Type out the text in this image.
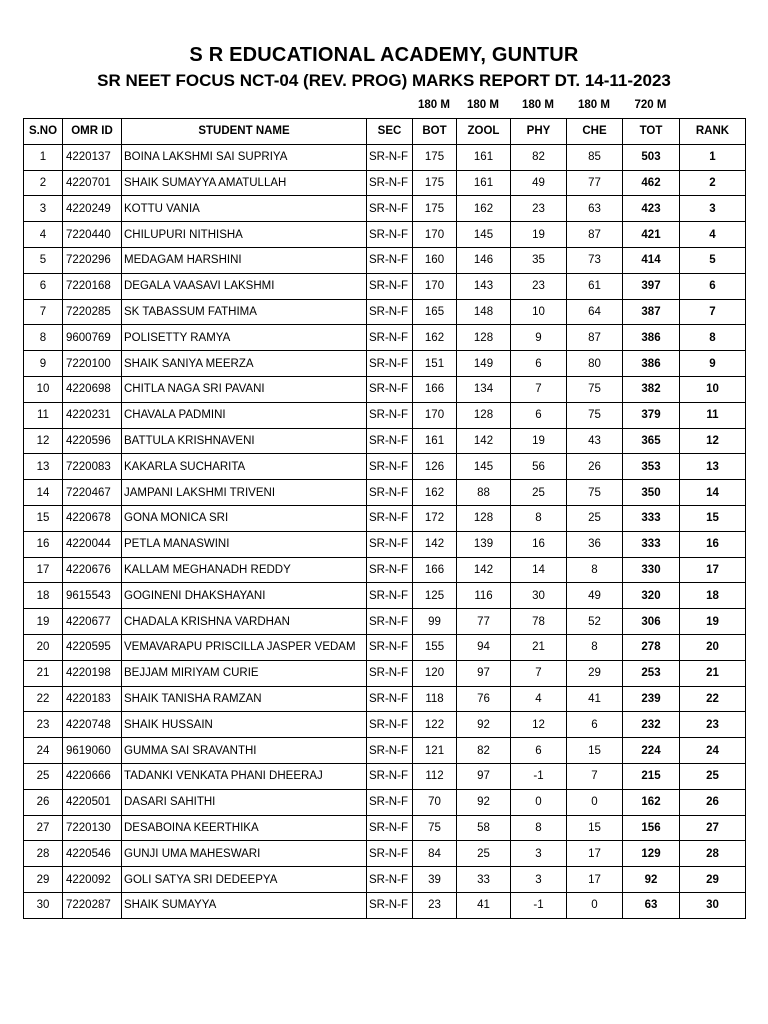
S R EDUCATIONAL ACADEMY, GUNTUR
SR NEET FOCUS NCT-04 (REV. PROG) MARKS REPORT DT. 14-11-2023
180 M	180 M	180 M	180 M	720 M
S.NO	OMR ID	STUDENT NAME	SEC	BOT	ZOOL	PHY	CHE	TOT	RANK
1	4220137	BOINA LAKSHMI SAI SUPRIYA	SR-N-F	175	161	82	85	503	1
2	4220701	SHAIK SUMAYYA AMATULLAH	SR-N-F	175	161	49	77	462	2
3	4220249	KOTTU VANIA	SR-N-F	175	162	23	63	423	3
4	7220440	CHILUPURI NITHISHA	SR-N-F	170	145	19	87	421	4
5	7220296	MEDAGAM HARSHINI	SR-N-F	160	146	35	73	414	5
6	7220168	DEGALA VAASAVI LAKSHMI	SR-N-F	170	143	23	61	397	6
7	7220285	SK TABASSUM FATHIMA	SR-N-F	165	148	10	64	387	7
8	9600769	POLISETTY RAMYA	SR-N-F	162	128	9	87	386	8
9	7220100	SHAIK SANIYA MEERZA	SR-N-F	151	149	6	80	386	9
10	4220698	CHITLA NAGA SRI PAVANI	SR-N-F	166	134	7	75	382	10
11	4220231	CHAVALA PADMINI	SR-N-F	170	128	6	75	379	11
12	4220596	BATTULA KRISHNAVENI	SR-N-F	161	142	19	43	365	12
13	7220083	KAKARLA SUCHARITA	SR-N-F	126	145	56	26	353	13
14	7220467	JAMPANI LAKSHMI TRIVENI	SR-N-F	162	88	25	75	350	14
15	4220678	GONA MONICA SRI	SR-N-F	172	128	8	25	333	15
16	4220044	PETLA MANASWINI	SR-N-F	142	139	16	36	333	16
17	4220676	KALLAM MEGHANADH REDDY	SR-N-F	166	142	14	8	330	17
18	9615543	GOGINENI DHAKSHAYANI	SR-N-F	125	116	30	49	320	18
19	4220677	CHADALA KRISHNA VARDHAN	SR-N-F	99	77	78	52	306	19
20	4220595	VEMAVARAPU PRISCILLA JASPER VEDAM	SR-N-F	155	94	21	8	278	20
21	4220198	BEJJAM MIRIYAM CURIE	SR-N-F	120	97	7	29	253	21
22	4220183	SHAIK TANISHA RAMZAN	SR-N-F	118	76	4	41	239	22
23	4220748	SHAIK HUSSAIN	SR-N-F	122	92	12	6	232	23
24	9619060	GUMMA SAI SRAVANTHI	SR-N-F	121	82	6	15	224	24
25	4220666	TADANKI VENKATA PHANI DHEERAJ	SR-N-F	112	97	-1	7	215	25
26	4220501	DASARI SAHITHI	SR-N-F	70	92	0	0	162	26
27	7220130	DESABOINA KEERTHIKA	SR-N-F	75	58	8	15	156	27
28	4220546	GUNJI UMA MAHESWARI	SR-N-F	84	25	3	17	129	28
29	4220092	GOLI SATYA SRI DEDEEPYA	SR-N-F	39	33	3	17	92	29
30	7220287	SHAIK SUMAYYA	SR-N-F	23	41	-1	0	63	30
